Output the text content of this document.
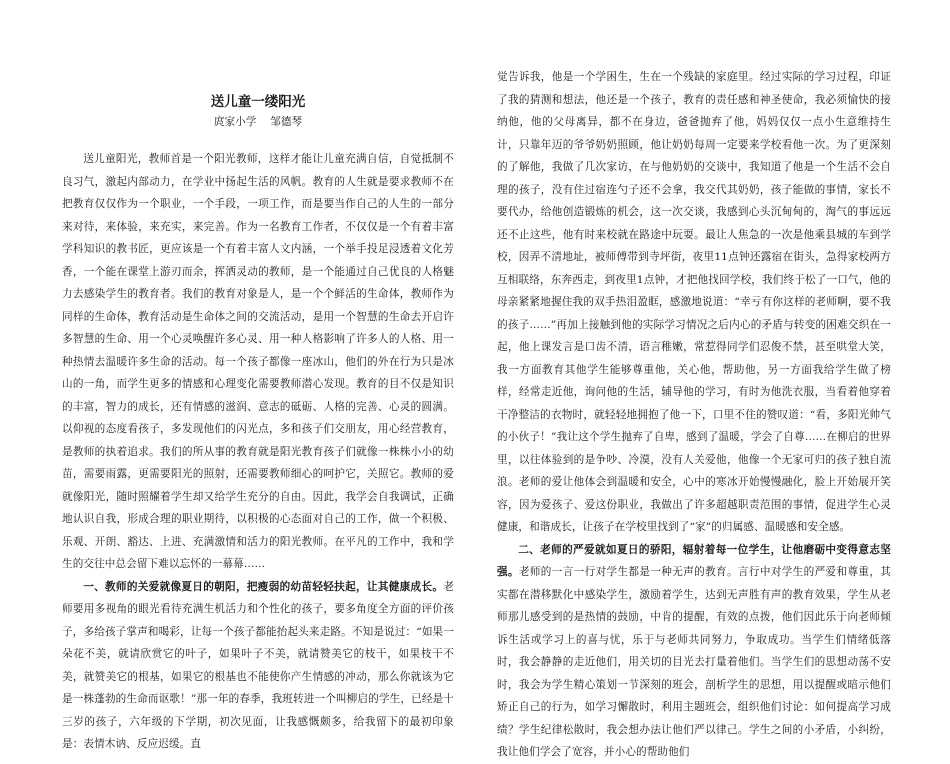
送儿童一缕阳光
庹家小学 邹德琴

送儿童阳光，教师首是一个阳光教师，这样才能让儿童充满自信，自觉抵制不良习气，激起内部动力，在学业中扬起生活的风帆。教育的人生就是要求教师不在把教育仅仅作为一个职业，一个手段，一项工作，而是要当作自己的人生的一部分来对待，来体验，来充实，来完善。作为一名教育工作者，不仅仅是一个有着丰富学科知识的教书匠，更应该是一个有着丰富人文内涵，一个举手投足浸透着文化芳香，一个能在课堂上游刃而余，挥洒灵动的教师，是一个能通过自己优良的人格魅力去感染学生的教育者。我们的教育对象是人，是一个个鲜活的生命体，教师作为同样的生命体，教育活动是生命体之间的交流活动，是用一个智慧的生命去开启许多智慧的生命、用一个心灵唤醒许多心灵、用一种人格影响了许多人的人格、用一种热情去温暖许多生命的活动。每一个孩子都像一座冰山，他们的外在行为只是冰山的一角，而学生更多的情感和心理变化需要教师潜心发现。教育的目不仅是知识的丰富，智力的成长，还有情感的滋润、意志的砥砺、人格的完善、心灵的圆满。以仰视的态度看孩子，多发现他们的闪光点，多和孩子们交朋友，用心经营教育，是教师的执着追求。我们的所从事的教育就是阳光教育孩子们就像一株株小小的幼苗，需要雨露，更需要阳光的照射，还需要教师细心的呵护它，关照它。教师的爱就像阳光，随时照耀着学生却又给学生充分的自由。因此，我学会自我调试，正确地认识自我，形成合理的职业期待，以积极的心态面对自己的工作，做一个积极、乐观、开朗、豁达、上进、充满激情和活力的阳光教师。在平凡的工作中，我和学生的交往中总会留下难以忘怀的一幕幕……

一、教师的关爱就像夏日的朝阳，把瘦弱的幼苗轻轻扶起，让其健康成长。老师要用多视角的眼光看待充满生机活力和个性化的孩子，要多角度全方面的评价孩子，多给孩子掌声和喝彩，让每一个孩子都能抬起头来走路。不知是说过：“如果一朵花不美，就请欣赏它的叶子，如果叶子不美，就请赞美它的枝干，如果枝干不美，就赞美它的根基，如果它的根基也不能使你产生情感的冲动，那么你就该为它是一株蓬勃的生命而讴歌！”那一年的春季，我班转进一个叫柳启的学生，已经是十三岁的孩子，六年级的下学期，初次见面，让我感慨颇多，给我留下的最初印象是：表情木讷、反应迟缓。直

觉告诉我，他是一个学困生，生在一个残缺的家庭里。经过实际的学习过程，印证了我的猜测和想法，他还是一个孩子，教育的责任感和神圣使命，我必须愉快的接纳他，他的父母离异，都不在身边，爸爸抛弃了他，妈妈仅仅一点小生意维持生计，只靠年迈的爷爷奶奶照顾，他让奶奶每周一定要来学校看他一次。为了更深刻的了解他，我做了几次家访，在与他奶奶的交谈中，我知道了他是一个生活不会自理的孩子，没有住过宿连勺子还不会拿，我交代其奶奶，孩子能做的事情，家长不要代办，给他创造锻炼的机会，这一次交谈，我感到心头沉甸甸的，淘气的事远远还不止这些，他有时来校就在路途中玩耍。最让人焦急的一次是他乘县城的车到学校，因弄不清地址，被师傅带到寺坪街，夜里11点钟还露宿在街头，急得家校两方互相联络，东奔西走，到夜里1点钟，才把他找回学校，我们终于松了一口气，他的母亲紧紧地握住我的双手热泪盈眶，感激地说道：“幸亏有你这样的老师啊，要不我的孩子……”再加上接触到他的实际学习情况之后内心的矛盾与转变的困难交织在一起，他上课发言是口齿不清，语言稚嫩，常惹得同学们忍俊不禁，甚至哄堂大笑，我一方面教育其他学生能够尊重他，关心他，帮助他，另一方面我给学生做了榜样，经常走近他，询问他的生活，辅导他的学习，有时为他洗衣服，当看着他穿着干净整洁的衣物时，就轻轻地拥抱了他一下，口里不住的赞叹道：“看，多阳光帅气的小伙子！”我让这个学生抛弃了自卑，感到了温暖，学会了自尊……在柳启的世界里，以往体验到的是争吵、冷漠，没有人关爱他，他像一个无家可归的孩子独自流浪。老师的爱让他体会到温暖和安全，心中的寒冰开始慢慢融化，脸上开始展开笑容，因为爱孩子、爱这份职业，我做出了许多超越职责范围的事情，促进学生心灵健康，和谐成长，让孩子在学校里找到了“家”的归属感、温暖感和安全感。

二、老师的严爱就如夏日的骄阳，辐射着每一位学生，让他磨砺中变得意志坚强。老师的一言一行对学生都是一种无声的教育。言行中对学生的严爱和尊重，其实都在潜移默化中感染学生，激励着学生，达到无声胜有声的教育效果，学生从老师那儿感受到的是热情的鼓励，中肯的提醒，有效的点拨，他们因此乐于向老师倾诉生活或学习上的喜与忧，乐于与老师共同努力，争取成功。当学生们情绪低落时，我会静静的走近他们，用关切的目光去打量着他们。当学生们的思想动荡不安时，我会为学生精心策划一节深刻的班会，剖析学生的思想，用以提醒或暗示他们矫正自己的行为，如学习懈散时，利用主题班会，组织他们讨论：如何提高学习成绩？学生纪律松散时，我会想办法让他们严以律己。学生之间的小矛盾，小纠纷，我让他们学会了宽容，并小心的帮助他们
